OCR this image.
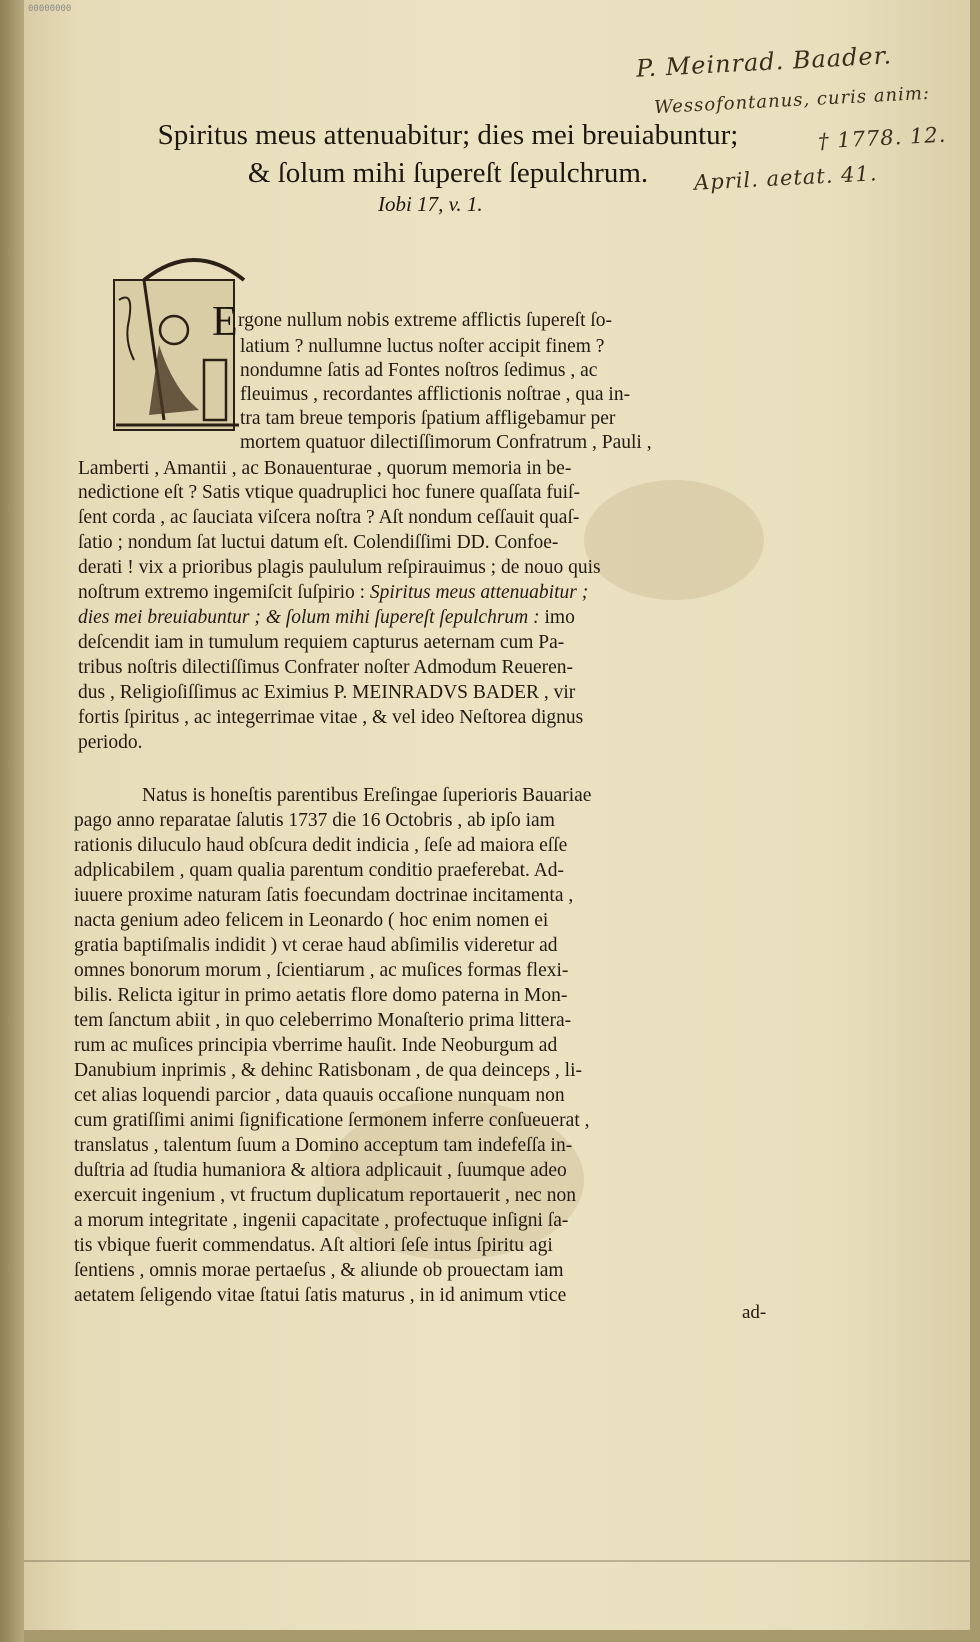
00000000
P. Meinrad. Baader.
Wessofontanus, curis anim:
† 1778. 12.
April. aetat. 41.
Spiritus meus attenuabitur; dies mei breuiabuntur;
& ſolum mihi ſupereſt ſepulchrum.
Iobi 17, v. 1.
E rgone nullum nobis extreme afflictis ſupereſt ſo-
latium ? nullumne luctus noſter accipit finem ?
nondumne ſatis ad Fontes noſtros ſedimus , ac
fleuimus , recordantes afflictionis noſtrae , qua in-
tra tam breue temporis ſpatium affligebamur per
mortem quatuor dilectiſſimorum Confratrum , Pauli ,
Lamberti , Amantii , ac Bonauenturae , quorum memoria in be-
nedictione eſt ? Satis vtique quadruplici hoc funere quaſſata fuiſ-
ſent corda , ac ſauciata viſcera noſtra ? Aſt nondum ceſſauit quaſ-
ſatio ; nondum ſat luctui datum eſt. Colendiſſimi DD. Confoe-
derati ! vix a prioribus plagis paululum reſpirauimus ; de nouo quis
noſtrum extremo ingemiſcit ſuſpirio : Spiritus meus attenuabitur ;
dies mei breuiabuntur ; & ſolum mihi ſupereſt ſepulchrum : imo
deſcendit iam in tumulum requiem capturus aeternam cum Pa-
tribus noſtris dilectiſſimus Confrater noſter Admodum Reueren-
dus , Religioſiſſimus ac Eximius P. MEINRADVS BADER , vir
fortis ſpiritus , ac integerrimae vitae , & vel ideo Neſtorea dignus
periodo.
Natus is honeſtis parentibus Ereſingae ſuperioris Bauariae
pago anno reparatae ſalutis 1737 die 16 Octobris , ab ipſo iam
rationis diluculo haud obſcura dedit indicia , ſeſe ad maiora eſſe
adplicabilem , quam qualia parentum conditio praeferebat. Ad-
iuuere proxime naturam ſatis foecundam doctrinae incitamenta ,
nacta genium adeo felicem in Leonardo ( hoc enim nomen ei
gratia baptiſmalis indidit ) vt cerae haud abſimilis videretur ad
omnes bonorum morum , ſcientiarum , ac muſices formas flexi-
bilis. Relicta igitur in primo aetatis flore domo paterna in Mon-
tem ſanctum abiit , in quo celeberrimo Monaſterio prima littera-
rum ac muſices principia vberrime hauſit. Inde Neoburgum ad
Danubium inprimis , & dehinc Ratisbonam , de qua deinceps , li-
cet alias loquendi parcior , data quauis occaſione nunquam non
cum gratiſſimi animi ſignificatione ſermonem inferre conſueuerat ,
translatus , talentum ſuum a Domino acceptum tam indefeſſa in-
duſtria ad ſtudia humaniora & altiora adplicauit , ſuumque adeo
exercuit ingenium , vt fructum duplicatum reportauerit , nec non
a morum integritate , ingenii capacitate , profectuque inſigni ſa-
tis vbique fuerit commendatus. Aſt altiori ſeſe intus ſpiritu agi
ſentiens , omnis morae pertaeſus , & aliunde ob prouectam iam
aetatem ſeligendo vitae ſtatui ſatis maturus , in id animum vtice
ad-
